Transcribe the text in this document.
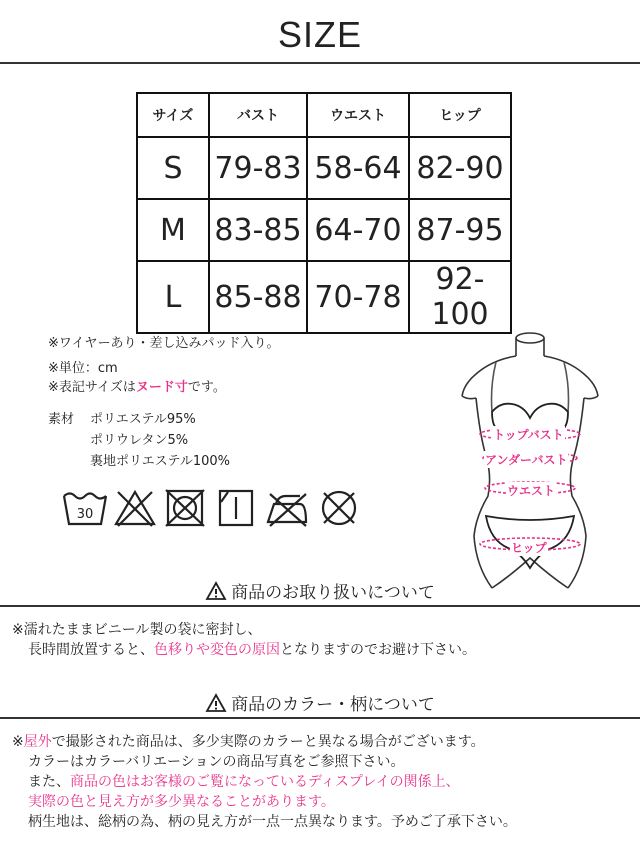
SIZE
サイズ	バスト	ウエスト	ヒップ
S	79-83	58-64	82-90
M	83-85	64-70	87-95
L	85-88	70-78	92-100
※ワイヤーあり・差し込みパッド入り。
※単位：cm
※表記サイズはヌード寸です。
素材 ポリエステル95%
ポリウレタン5%
裏地ポリエステル100%
30
トップバスト
アンダーバスト
ウエスト
ヒップ
商品のお取り扱いについて
※濡れたままビニール製の袋に密封し、
長時間放置すると、色移りや変色の原因となりますのでお避け下さい。
商品のカラー・柄について
※屋外で撮影された商品は、多少実際のカラーと異なる場合がございます。
カラーはカラーバリエーションの商品写真をご参照下さい。
また、商品の色はお客様のご覧になっているディスプレイの関係上、
実際の色と見え方が多少異なることがあります。
柄生地は、総柄の為、柄の見え方が一点一点異なります。予めご了承下さい。
